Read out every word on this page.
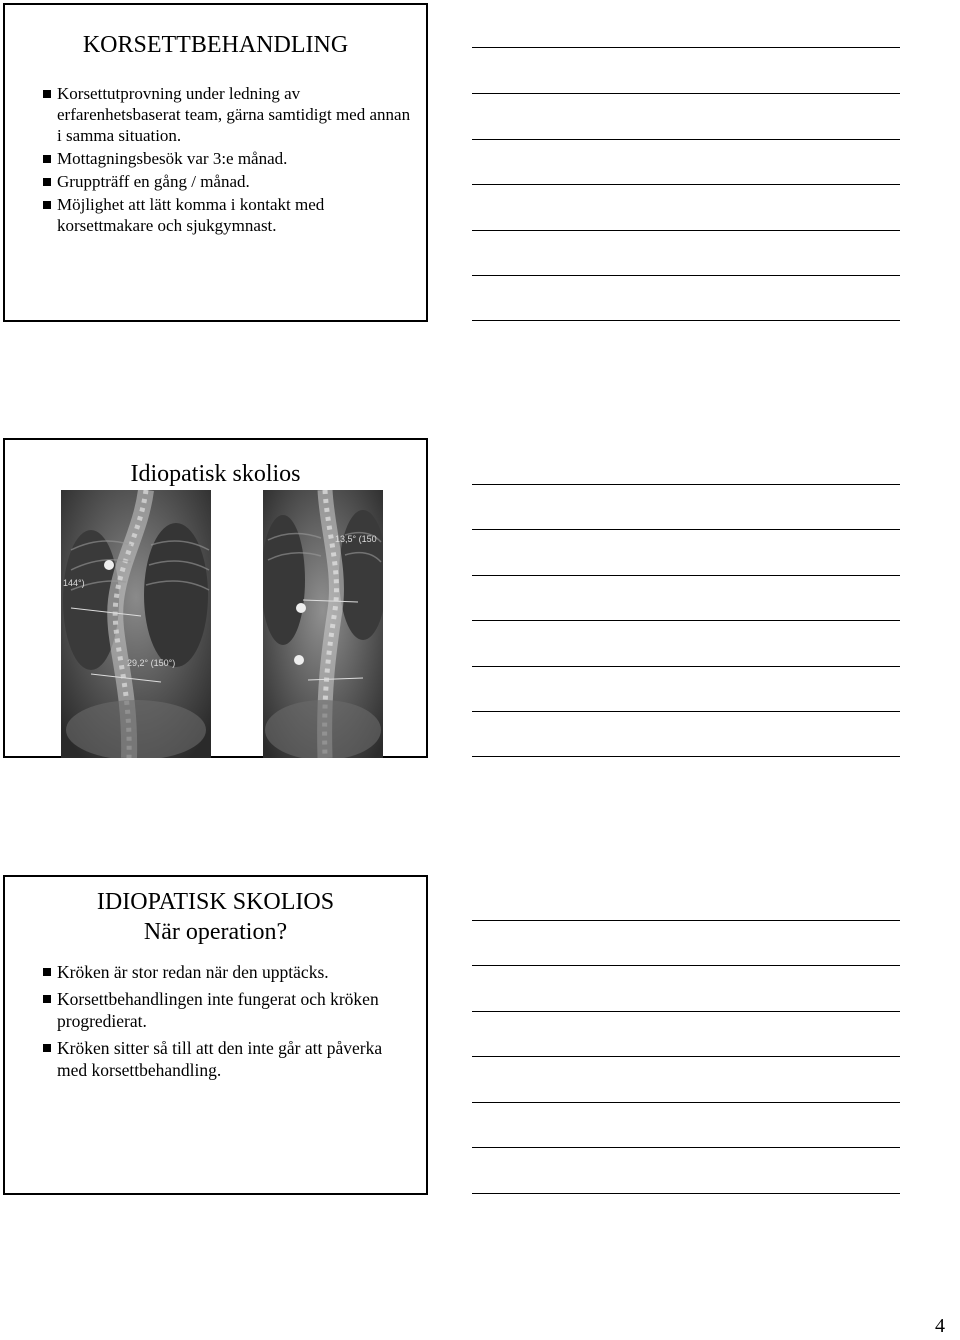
KORSETTBEHANDLING
Korsettutprovning under ledning av erfarenhetsbaserat team, gärna samtidigt med annan i samma situation.
Mottagningsbesök var 3:e månad.
Gruppträff en gång / månad.
Möjlighet att lätt komma i kontakt med korsettmakare och sjukgymnast.
Idiopatisk skolios
144°)
29,2° (150°)
13,5° (150
IDIOPATISK SKOLIOS
När operation?
Kröken är stor redan när den upptäcks.
Korsettbehandlingen inte fungerat och kröken progredierat.
Kröken sitter så till att den inte går att påverka med korsettbehandling.
4
